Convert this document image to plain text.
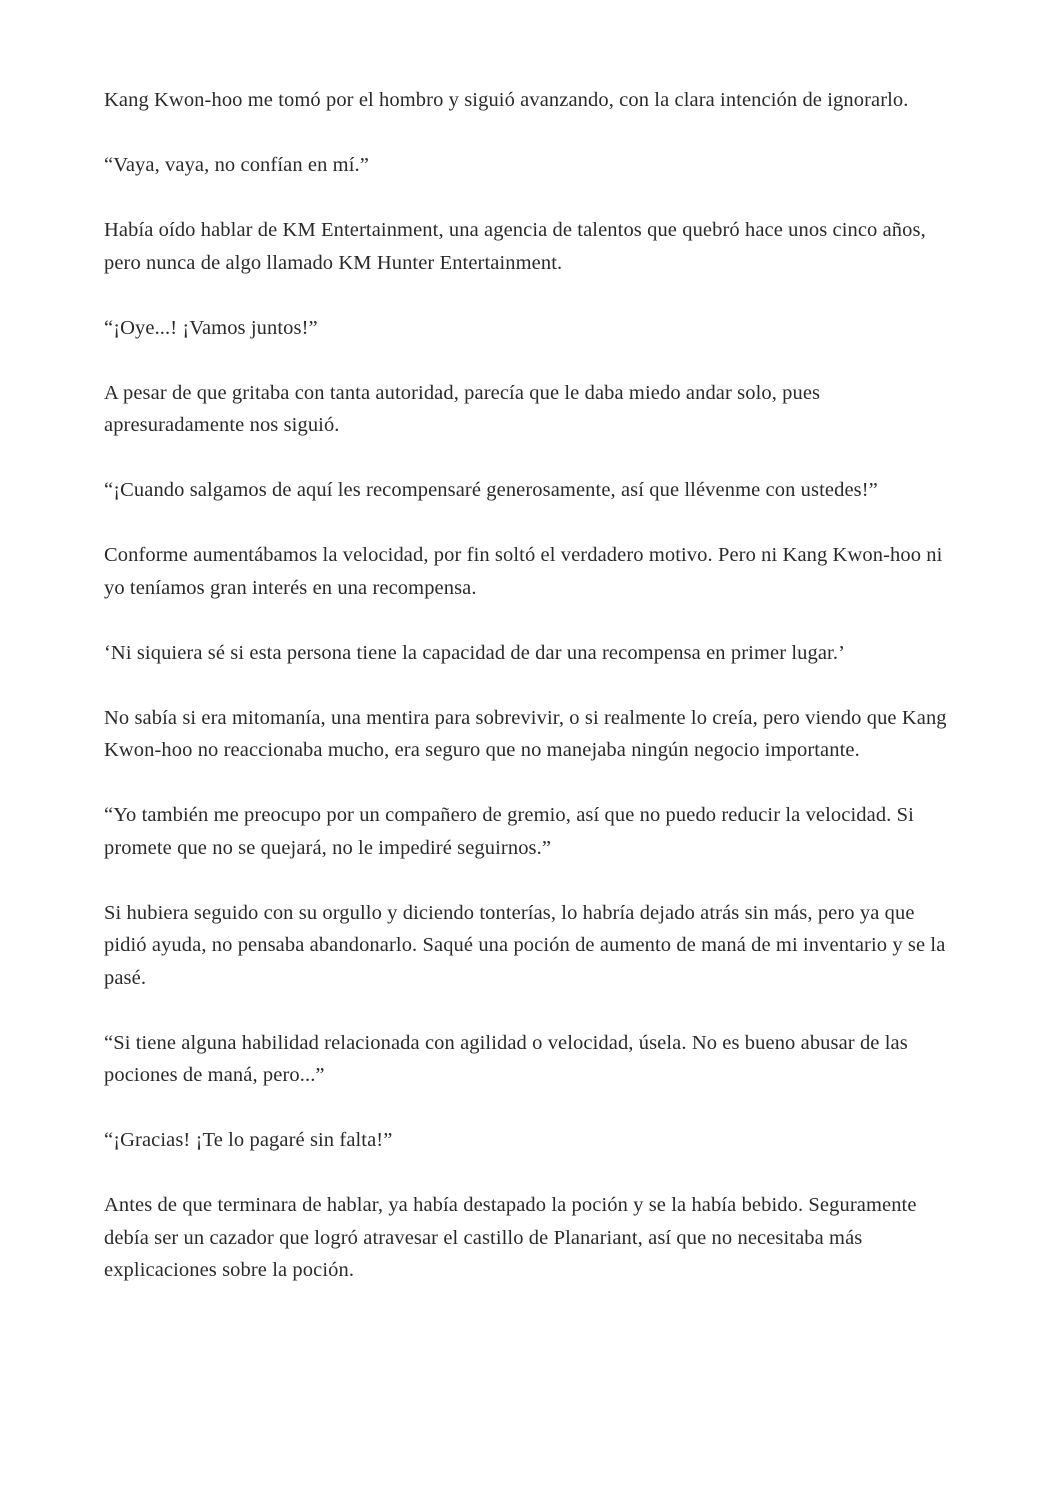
Kang Kwon-hoo me tomó por el hombro y siguió avanzando, con la clara intención de ignorarlo.

“Vaya, vaya, no confían en mí.”

Había oído hablar de KM Entertainment, una agencia de talentos que quebró hace unos cinco años, pero nunca de algo llamado KM Hunter Entertainment.

“¡Oye...! ¡Vamos juntos!”

A pesar de que gritaba con tanta autoridad, parecía que le daba miedo andar solo, pues apresuradamente nos siguió.

“¡Cuando salgamos de aquí les recompensaré generosamente, así que llévenme con ustedes!”

Conforme aumentábamos la velocidad, por fin soltó el verdadero motivo. Pero ni Kang Kwon-hoo ni yo teníamos gran interés en una recompensa.

‘Ni siquiera sé si esta persona tiene la capacidad de dar una recompensa en primer lugar.’

No sabía si era mitomanía, una mentira para sobrevivir, o si realmente lo creía, pero viendo que Kang Kwon-hoo no reaccionaba mucho, era seguro que no manejaba ningún negocio importante.

“Yo también me preocupo por un compañero de gremio, así que no puedo reducir la velocidad. Si promete que no se quejará, no le impediré seguirnos.”

Si hubiera seguido con su orgullo y diciendo tonterías, lo habría dejado atrás sin más, pero ya que pidió ayuda, no pensaba abandonarlo. Saqué una poción de aumento de maná de mi inventario y se la pasé.

“Si tiene alguna habilidad relacionada con agilidad o velocidad, úsela. No es bueno abusar de las pociones de maná, pero...”

“¡Gracias! ¡Te lo pagaré sin falta!”

Antes de que terminara de hablar, ya había destapado la poción y se la había bebido. Seguramente debía ser un cazador que logró atravesar el castillo de Planariant, así que no necesitaba más explicaciones sobre la poción.
